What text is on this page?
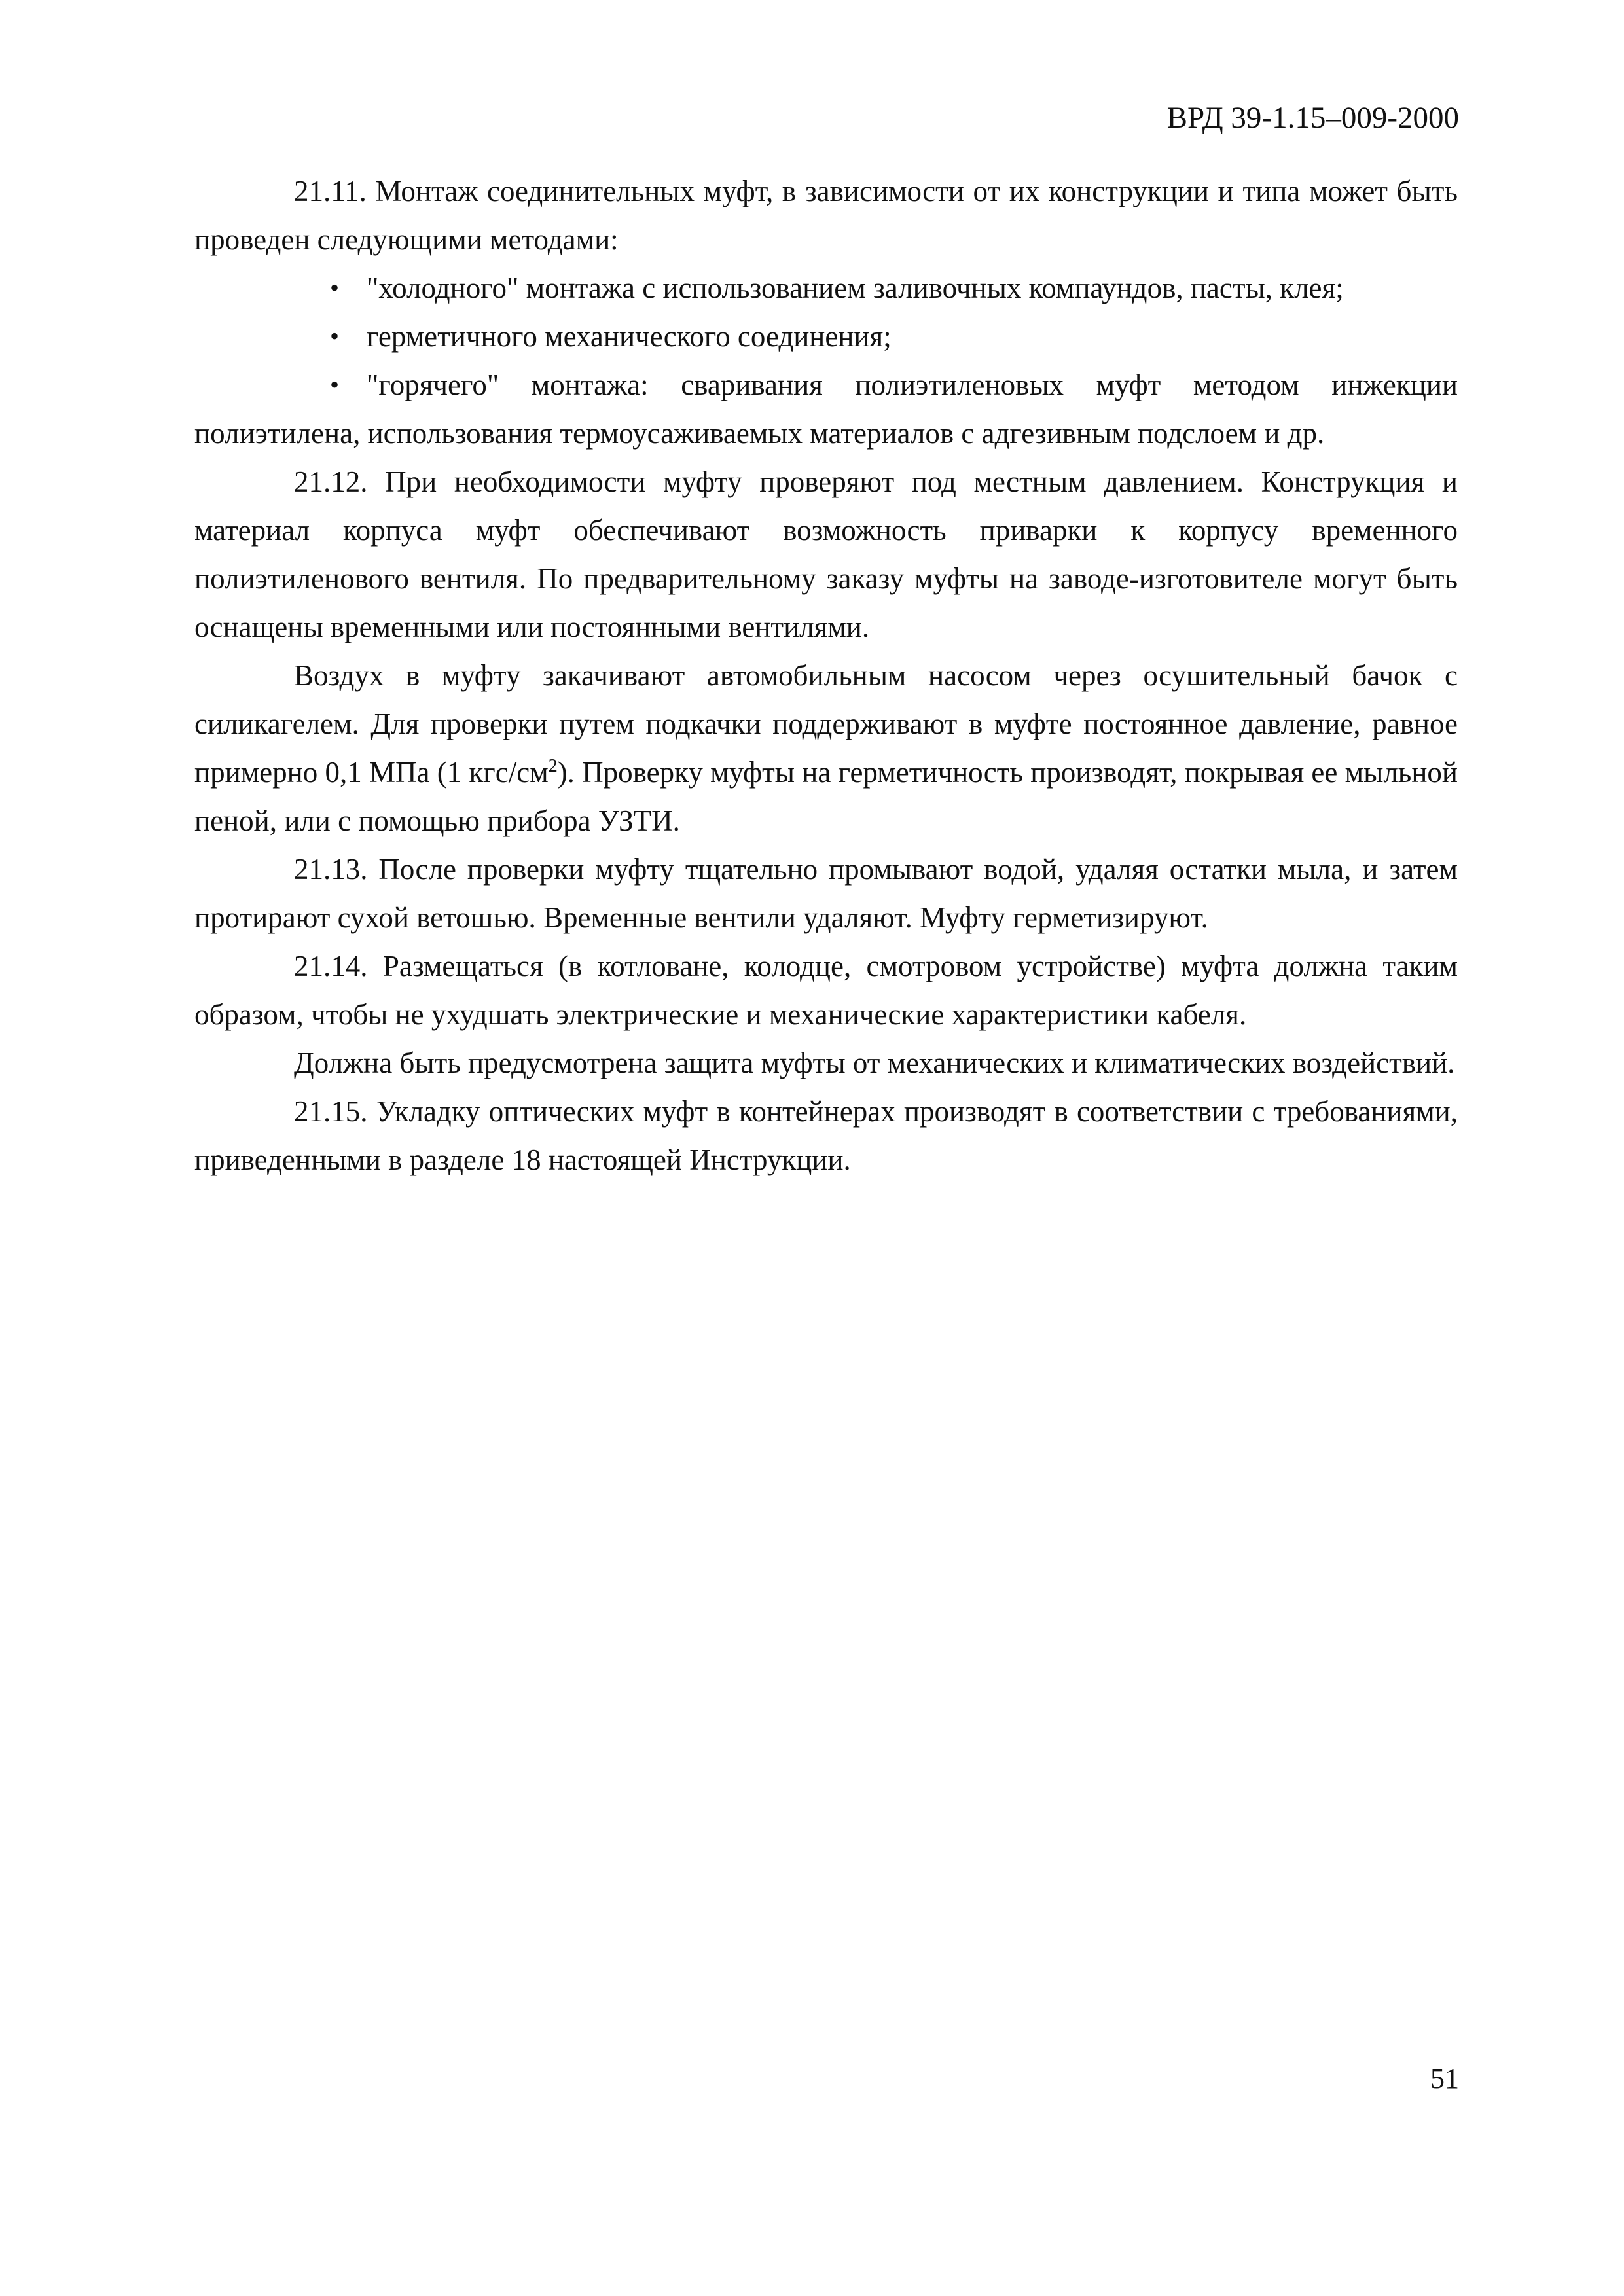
ВРД 39-1.15–009-2000

21.11. Монтаж соединительных муфт, в зависимости от их конструкции и типа может быть проведен следующими методами:

• "холодного" монтажа с использованием заливочных компаундов, пасты, клея;
• герметичного механического соединения;
• "горячего" монтажа: сваривания полиэтиленовых муфт методом инжекции полиэтилена, использования термоусаживаемых материалов с адгезивным подслоем и др.

21.12. При необходимости муфту проверяют под местным давлением. Конструкция и материал корпуса муфт обеспечивают возможность приварки к корпусу временного полиэтиленового вентиля. По предварительному заказу муфты на заводе-изготовителе могут быть оснащены временными или постоянными вентилями.

Воздух в муфту закачивают автомобильным насосом через осушительный бачок с силикагелем. Для проверки путем подкачки поддерживают в муфте постоянное давление, равное примерно 0,1 МПа (1 кгс/$см^2$). Проверку муфты на герметичность производят, покрывая ее мыльной пеной, или с помощью прибора УЗТИ.

21.13. После проверки муфту тщательно промывают водой, удаляя остатки мыла, и затем протирают сухой ветошью. Временные вентили удаляют. Муфту герметизируют.

21.14. Размещаться (в котловане, колодце, смотровом устройстве) муфта должна таким образом, чтобы не ухудшать электрические и механические характеристики кабеля.

Должна быть предусмотрена защита муфты от механических и климатических воздействий.

21.15. Укладку оптических муфт в контейнерах производят в соответствии с требованиями, приведенными в разделе 18 настоящей Инструкции.

51
